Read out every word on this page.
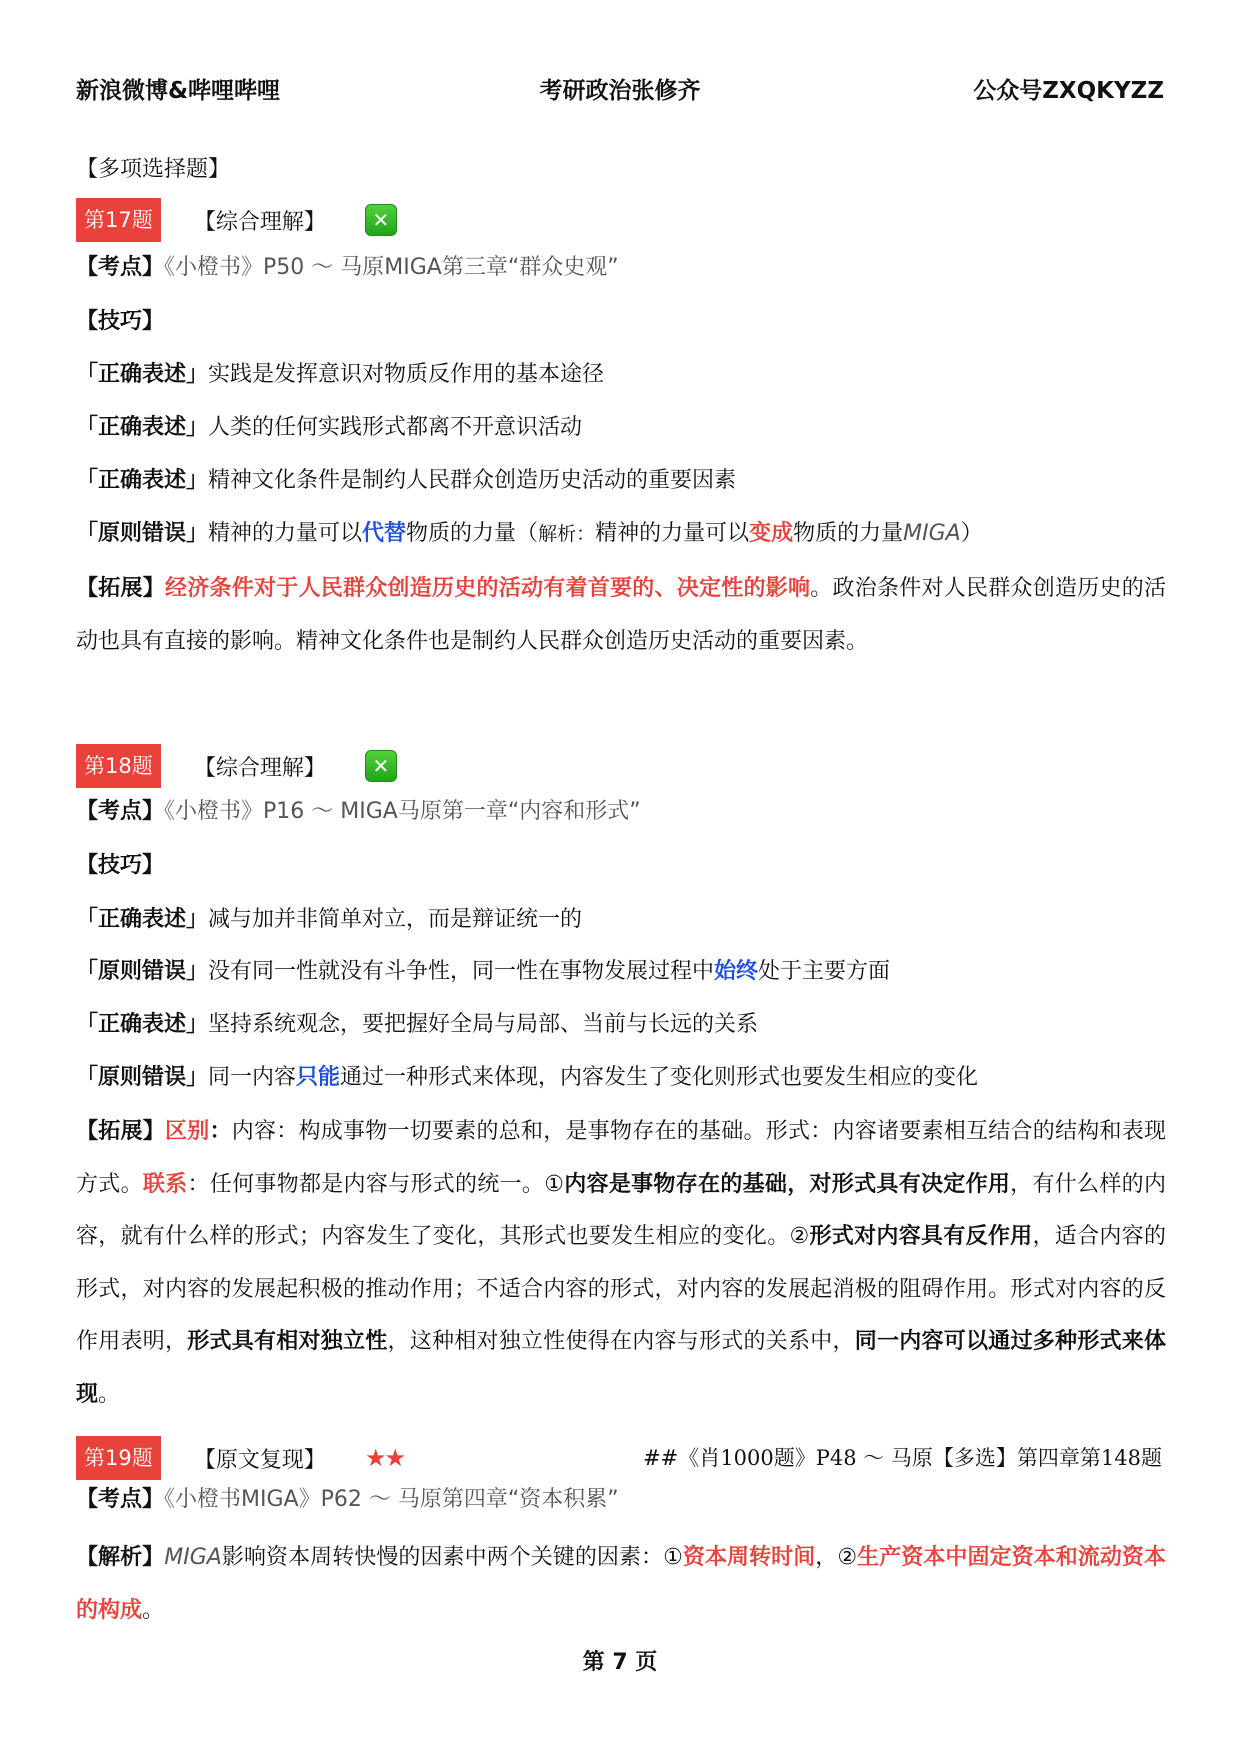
新浪微博&哔哩哔哩	考研政治张修齐	公众号ZXQKYZZ
【多项选择题】
第17题 【综合理解】 ✕
【考点】《小橙书》P50 ～ 马原MIGA第三章“群众史观”
【技巧】
「正确表述」实践是发挥意识对物质反作用的基本途径
「正确表述」人类的任何实践形式都离不开意识活动
「正确表述」精神文化条件是制约人民群众创造历史活动的重要因素
「原则错误」精神的力量可以代替物质的力量（解析：精神的力量可以变成物质的力量MIGA）
【拓展】经济条件对于人民群众创造历史的活动有着首要的、决定性的影响。政治条件对人民群众创造历史的活动也具有直接的影响。精神文化条件也是制约人民群众创造历史活动的重要因素。
第18题 【综合理解】 ✕
【考点】《小橙书》P16 ～ MIGA马原第一章“内容和形式”
【技巧】
「正确表述」减与加并非简单对立，而是辩证统一的
「原则错误」没有同一性就没有斗争性，同一性在事物发展过程中始终处于主要方面
「正确表述」坚持系统观念，要把握好全局与局部、当前与长远的关系
「原则错误」同一内容只能通过一种形式来体现，内容发生了变化则形式也要发生相应的变化
【拓展】区别：内容：构成事物一切要素的总和，是事物存在的基础。形式：内容诸要素相互结合的结构和表现方式。联系：任何事物都是内容与形式的统一。①内容是事物存在的基础，对形式具有决定作用，有什么样的内容，就有什么样的形式；内容发生了变化，其形式也要发生相应的变化。②形式对内容具有反作用，适合内容的形式，对内容的发展起积极的推动作用；不适合内容的形式，对内容的发展起消极的阻碍作用。形式对内容的反作用表明，形式具有相对独立性，这种相对独立性使得在内容与形式的关系中，同一内容可以通过多种形式来体现。
第19题 【原文复现】 ★★	##《肖1000题》P48 ～ 马原【多选】第四章第148题
【考点】《小橙书MIGA》P62 ～ 马原第四章“资本积累”
【解析】MIGA影响资本周转快慢的因素中两个关键的因素：①资本周转时间，②生产资本中固定资本和流动资本的构成。
第 7 页
